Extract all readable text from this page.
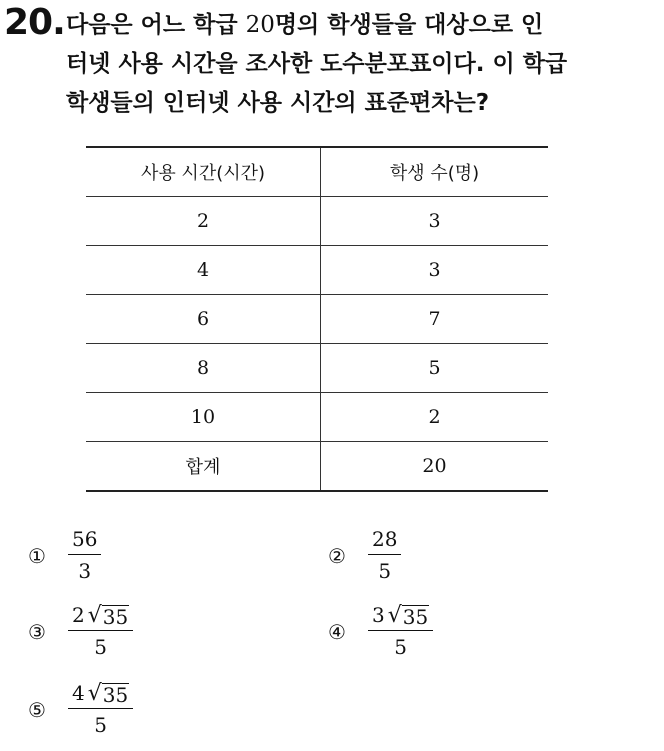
20. 다음은 어느 학급 20명의 학생들을 대상으로 인
터넷 사용 시간을 조사한 도수분포표이다. 이 학급
학생들의 인터넷 사용 시간의 표준편차는?
사용 시간(시간)	학생 수(명)
2	3
4	3
6	7
8	5
10	2
합계	20
①	$\frac{56}{3}$	②	$\frac{28}{5}$
③	$\frac{2 √ 35}{5}$	④	$\frac{3 √ 35}{5}$
⑤	$\frac{4 √ 35}{5}$
